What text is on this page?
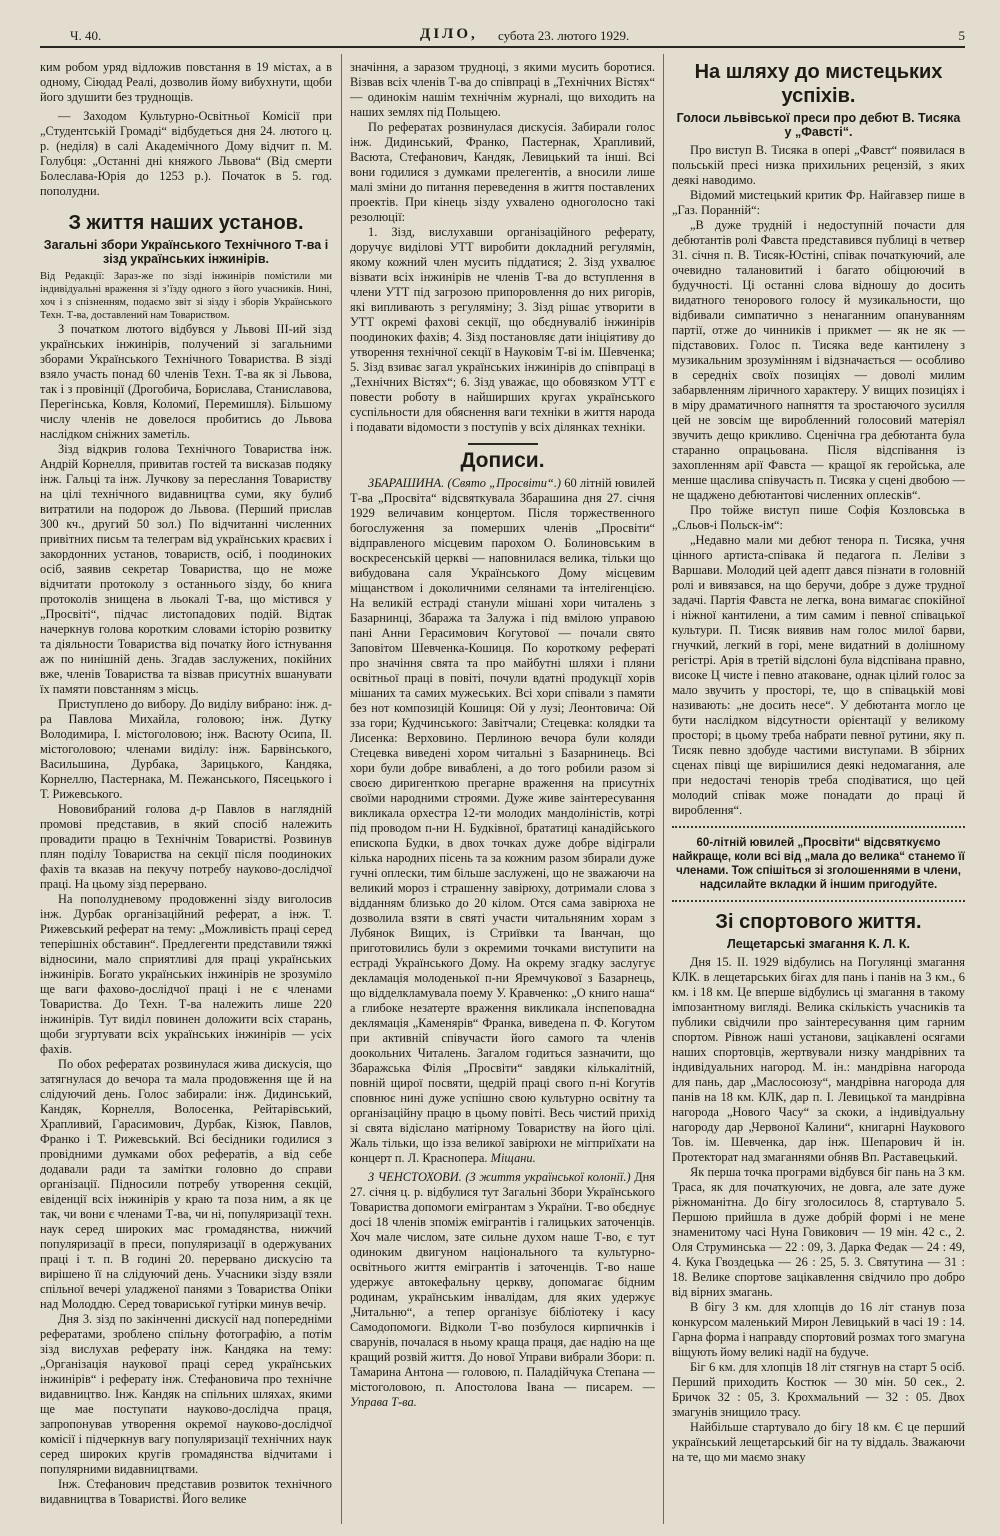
Ч. 40.	ДІЛО, субота 23. лютого 1929.	5

ким робом уряд відложив повстання в 19 містах, а в одному, Сіюдад Реалі, дозволив йому вибухнути, щоби його здушити без труднощів.

— Заходом Культурно-Освітньої Комісії при „Студентській Громаді“ відбудеться дня 24. лютого ц. р. (неділя) в салі Академічного Дому відчит п. М. Голубця: „Останні дні княжого Львова“ (Від смерти Болеслава-Юрія до 1253 р.). Початок в 5. год. пополудни.

З життя наших установ.
Загальні збори Українського Технічного Т-ва і зізд українських інжинірів.

Від Редакції: Зараз-же по зізді інжинірів помістили ми індивідуальні враження зі з’їзду одного з його учасників. Нині, хоч і з спізненням, подаємо звіт зі зізду і зборів Українського Техн. Т-ва, доставлений нам Товариством.

З початком лютого відбувся у Львові ІІІ-ий зізд українських інжинірів, получений зі загальними зборами Українського Технічного Товариства. В зізді взяло участь понад 60 членів Техн. Т-ва як зі Львова, так і з провінції (Дрогобича, Борислава, Станиславова, Перегінська, Ковля, Коломиї, Перемишля). Більшому числу членів не довелося пробитись до Львова наслідком сніжних заметіль.

Зізд відкрив голова Технічного Товариства інж. Андрій Корнелля, привитав гостей та висказав подяку інж. Гальці та інж. Лучкову за переслання Товариству на цілі технічного видавництва суми, яку булиб витратили на подорож до Львова. (Перший прислав 300 кч., другий 50 зол.) По відчитанні численних привітних письм та телеграм від українських краєвих і закордонних установ, товариств, осіб, і поодиноких осіб, заявив секретар Товариства, що не може відчитати протоколу з останнього зізду, бо книга протоколів знищена в льокалі Т-ва, що містився у „Просвіті“, підчас листопадових подій. Відтак начеркнув голова коротким словами історію розвитку та діяльности Товариства від початку його істнування аж по нинішній день. Згадав заслужених, покійних вже, членів Товариства та візвав присутніх вшанувати їх памяти повстанням з місць.

Приступлено до вибору. До виділу вибрано: інж. д-ра Павлова Михайла, головою; інж. Дутку Володимира, І. містоголовою; інж. Васюту Осипа, ІІ. містоголовою; членами виділу: інж. Барвінського, Васильшина, Дурбака, Зарицького, Кандяка, Корнеллю, Пастернака, М. Пежанського, Пясецького і Т. Рижевського.

Нововибраний голова д-р Павлов в наглядній промові представив, в який спосіб належить провадити працю в Технічнім Товаристві. Розвинув плян поділу Товариства на секції після поодиноких фахів та вказав на пекучу потребу науково-дослідчої праці. На цьому зізд перервано.

На пополудневому продовженні зізду виголосив інж. Дурбак організаційний реферат, а інж. Т. Рижевський реферат на тему: „Можливість праці серед теперішніх обставин“. Предлегенти представили тяжкі відносини, мало сприятливі для праці українських інжинірів. Богато українських інжинірів не зрозуміло ще ваги фахово-дослідчої праці і не є членами Товариства. До Техн. Т-ва належить лише 220 інжинірів. Тут виділ повинен доложити всіх старань, щоби згуртувати всіх українських інжинірів — усіх фахів.

По обох рефератах розвинулася жива дискусія, що затягнулася до вечора та мала продовження ще й на слідуючий день. Голос забирали: інж. Дидинський, Кандяк, Корнелля, Волосенка, Рейтарівський, Храпливий, Гарасимович, Дурбак, Кізюк, Павлов, Франко і Т. Рижевський. Всі бесідники годилися з провідними думками обох рефератів, а від себе додавали ради та замітки головно до справи організації. Підносили потребу утворення секцій, евіденції всіх інжинірів у краю та поза ним, а як це так, чи вони є членами Т-ва, чи ні, популяризації техн. наук серед широких мас громадянства, нижчий популяризації в преси, популяризації в одержуваних праці і т. п. В годині 20. перервано дискусію та вирішено її на слідуючий день. Учасники зізду взяли спільної вечері уладженої панями з Товариства Опіки над Молоддю. Серед товариської гутірки минув вечір.

Дня 3. зізд по закінченні дискусії над попередніми рефератами, зроблено спільну фотографію, а потім зізд вислухав реферату інж. Кандяка на тему: „Організація наукової праці серед українських інжинірів“ і реферату інж. Стефановича про технічне видавництво. Інж. Кандяк на спільних шляхах, якими ще мае поступати науково-дослідча праця, запропонував утворення окремої науково-дослідчої комісії і підчеркнув вагу популяризації технічних наук серед широких кругів громадянства відчитами і популярними видавництвами.

Інж. Стефанович представив розвиток технічного видавництва в Товаристві. Його велике

значіння, а заразом трудноці, з якими мусить боротися. Візвав всіх членів Т-ва до співпраці в „Технічних Вістях“ — одинокім нашім технічнім журналі, що виходить на наших землях під Польщею.

По рефератах розвинулася дискусія. Забирали голос інж. Дидинський, Франко, Пастернак, Храпливий, Васюта, Стефанович, Кандяк, Левицький та інші. Всі вони годилися з думками прелегентів, а вносили лише малі зміни до питання переведення в життя поставлених проектів. При кінець зізду ухвалено одноголосно такі резолюції:

1. Зізд, вислухавши організаційного реферату, доручує виділові УТТ виробити докладний регулямін, якому кожний член мусить піддатися; 2. Зізд ухвалює візвати всіх інжинірів не членів Т-ва до вступлення в члени УТТ під загрозою припоровлення до них ригорів, які випливають з регуляміну; 3. Зізд рішає утворити в УТТ окремі фахові секції, що обєднуваліб інжинірів поодиноких фахів; 4. Зізд постановляє дати ініціятиву до утворення технічної секції в Науковім Т-ві ім. Шевченка; 5. Зізд взиває загал українських інжинірів до співпраці в „Технічних Вістях“; 6. Зізд уважає, що обовязком УТТ є повести роботу в найширших кругах українського суспільности для обяснення ваги техніки в життя народа і подавати відомости з поступів у всіх ділянках техніки.

Дописи.

ЗБАРАШИНА. (Свято „Просвіти“.) 60 літній ювилей Т-ва „Просвіта“ відсвяткувала Збарашина дня 27. січня 1929 величавим концертом. Після торжественного богослуження за померших членів „Просвіти“ відправленого місцевим парохом О. Болиновським в воскресенській церкві — наповнилася велика, тільки що вибудована саля Українського Дому місцевим міщанством і доколичними селянами та інтелігенцією. На великій естраді станули мішані хори читалень з Базарнинці, Збаража та Залужа і під вмілою управою пані Анни Герасимович Когутової — почали свято Заповітом Шевченка-Кошиця. По короткому рефераті про значіння свята та про майбутні шляхи і пляни освітньої праці в повіті, почули вдатні продукції хорів мішаних та самих мужеських. Всі хори співали з памяти без нот композицій Кошиця: Ой у лузі; Леонтовича: Ой зза гори; Кудчинського: Завітчали; Стецевка: колядки та Лисенка: Верховино. Перлиною вечора були коляди Стецевка виведені хором читальні з Базарнинець. Всі хори були добре виваблені, а до того робили разом зі своєю диригенткою прегарне враження на присутніх своїми народними строями. Дуже живе заінтересування викликала орхестра 12-ти молодих мандоліністів, котрі під проводом п-ни Н. Будківної, брататиці канадійського епископа Будки, в двох точках дуже добре відіграли кілька народних пісень та за кожним разом збирали дуже гучні оплески, тим більше заслужені, що не зважаючи на великий мороз і страшенну завірюху, дотримали слова з відданням близько до 20 кілом. Отся сама завірюха не дозволила взяти в святі участи читальняним хорам з Лубянок Вищих, із Стриївки та Іванчан, що приготовились були з окремими точками виступити на естраді Українського Дому. На окрему згадку заслугує декламація молоденької п-ни Яремчукової з Базарнець, що відделкламувала поему У. Кравченко: „О книго наша“ а глибоке незатерте враження викликала інспеповадна деклямація „Каменярів“ Франка, виведена п. Ф. Когутом при активній співучасти його самого та членів доокольних Читалень. Загалом годиться зазначити, що Збаражська Філія „Просвіти“ завдяки кількалітній, повній щирої посвяти, щедрій праці свого п-ні Когутів сповнює нині дуже успішно свою культурно освітну та організаційну працю в цьому повіті. Весь чистий прихід зі свята відіслано матірному Товариству на його цілі. Жаль тільки, що ізза великої завірюхи не мігприїхати на концерт п. Л. Краснопера. Міщани.

З ЧЕНСТОХОВИ. (З життя української колонії.) Дня 27. січня ц. р. відбулися тут Загальні Збори Українського Товариства допомоги емігрантам з України. Т-во обєднує досі 18 членів зпоміж емігрантів і галицьких заточенців. Хоч мале числом, зате сильне духом наше Т-во, є тут одиноким двигуном національного та культурно-освітнього життя емігрантів і заточенців. Т-во наше удержує автокефальну церкву, допомагає бідним родинам, українським інвалідам, для яких удержує „Читальню“, а тепер організує бібліотеку і касу Самодопомоги. Відколи Т-во позбулося кирпичнків і сварунів, почалася в ньому краща праця, дає надію на ще кращий розвій життя. До нової Управи вибрали Збори: п. Тамарина Антона — головою, п. Паладійчука Степана — містоголовою, п. Апостолова Івана — писарем. — Управа Т-ва.

На шляху до мистецьких успіхів.
Голоси львівської преси про дебют В. Тисяка у „Фавсті“.

Про виступ В. Тисяка в опері „Фавст“ появилася в польській пресі низка прихильних рецензій, з яких деякі наводимо.

Відомий мистецький критик Фр. Найгавзер пише в „Газ. Поранній“:

„В дуже трудній і недоступній почасти для дебютантів ролі Фавста представився публиці в четвер 31. січня п. В. Тисяк-Юстіні, співак початкуючий, але очевидно талановитий і багато обіцюючий в будучності. Ці останні слова відношу до досить видатного тенорового голосу й музикальности, що відбивали симпатично з ненаганним опануванням партії, отже до чинників і прикмет — як не як — підставових. Голос п. Тисяка веде кантилену з музикальним зрозумінням і відзначається — особливо в середніх своїх позиціях — доволі милим забарвленням ліричного характеру. У вищих позиціях і в міру драматичного напняття та зростаючого зусилля цей не зовсім ще виробленний голосовий матеріял звучить дещо крикливо. Сценічна гра дебютанта була старанно опрацьована. Після відспівання із захопленням арії Фавста — кращої як геройська, але менше щаслива співучасть п. Тисяка у сцені двобою — не щаджено дебютантові численних оплесків“.

Про тойже виступ пише Софія Козловська в „Сльов-і Польск-ім“:

„Недавно мали ми дебют тенора п. Тисяка, учня цінного артиста-співака й педагога п. Леліви з Варшави. Молодий цей адепт дався пізнати в головній ролі и вивязався, на що беручи, добре з дуже трудної задачі. Партія Фавста не легка, вона вимагає спокійної і ніжної кантилени, а тим самим і певної співацької культури. П. Тисяк виявив нам голос милої барви, гнучкий, легкий в горі, мене видатний в долішному регістрі. Арія в третій відслоні була відспівана правно, високе Ц чисте і певно атаковане, однак цілий голос за мало звучить у просторі, те, що в співацькій мові називають: „не досить несе“. У дебютанта могло це бути наслідком відсутности орієнтації у великому просторі; в цьому треба набрати певної рутини, яку п. Тисяк певно здобуде частими виступами. В збірних сценах півці ще вирішилися деякі недомагання, але при недостачі тенорів треба сподіватися, що цей молодий співак може понадати до праці й вироблення“.

60-літній ювилей „Просвіти“ відсвяткуємо найкраще, коли всі від „мала до велика“ станемо її членами. Тож спішіться зі зголошеннями в члени, надсилайте вкладки й іншим пригодуйте.
Зі спортового життя.
Лещетарські змагання К. Л. К.

Дня 15. ІІ. 1929 відбулись на Погулянці змагання КЛК. в лещетарських бігах для пань і панів на 3 км., 6 км. і 18 км. Це вперше відбулись ці змагання в такому імпозантному вигляді. Велика скількість учасників та публики свідчили про заінтересування цим гарним спортом. Рівнож наші установи, зацікавлені осягами наших спортовців, жертвували низку мандрівних та індивідуальних нагород. М. ін.: мандрівна нагорода для пань, дар „Маслосоюзу“, мандрівна нагорода для панів на 18 км. КЛК, дар п. І. Левицької та мандрівна нагорода „Нового Часу“ за скоки, а індивідуальну нагороду дар „Червоної Калини“, книгарні Наукового Тов. ім. Шевченка, дар інж. Шепарович й ін. Протекторат над змаганнями обняв Вп. Раставецький.

Як перша точка програми відбувся біг пань на 3 км. Траса, як для початкуючих, не довга, але зате дуже ріжноманітна. До бігу зголосилось 8, стартувало 5. Першою прийшла в дуже добрій формі і не мене знаменитому часі Нуна Говикович — 19 мін. 42 с., 2. Оля Струминська — 22 : 09, 3. Дарка Федак — 24 : 49, 4. Кука Гвоздецька — 26 : 25, 5. З. Святутина — 31 : 18. Велике спортове зацікавлення свідчило про добро від вірних змагань.

В бігу 3 км. для хлопців до 16 літ станув поза конкурсом маленький Мирон Левицький в часі 19 : 14. Гарна форма і направду спортовий розмах того змагуна віщують йому великі надії на будуче.

Біг 6 км. для хлопців 18 літ стягнув на старт 5 осіб. Перший приходить Костюк — 30 мін. 50 сек., 2. Бричок 32 : 05, 3. Крохмальний — 32 : 05. Двох змагунів знищило трасу.

Найбільше стартувало до бігу 18 км. Є це перший український лещетарський біг на ту віддаль. Зважаючи на те, що ми маємо знаку
